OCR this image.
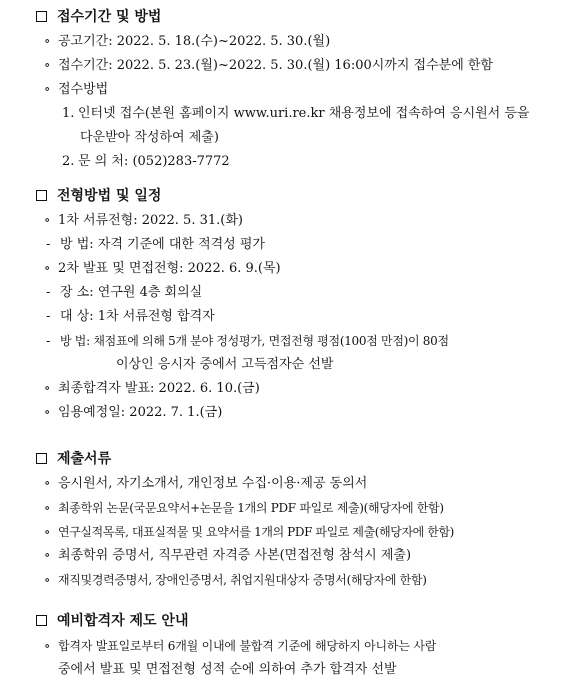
접수기간 및 방법
∘ 공고기간: 2022. 5. 18.(수)~2022. 5. 30.(월)
∘ 접수기간: 2022. 5. 23.(월)~2022. 5. 30.(월) 16:00시까지 접수분에 한함
∘ 접수방법
1. 인터넷 접수(본원 홈페이지 www.uri.re.kr 채용정보에 접속하여 응시원서 등을
다운받아 작성하여 제출)
2. 문 의 처: (052)283-7772
전형방법 및 일정
∘ 1차 서류전형: 2022. 5. 31.(화)
- 방 법: 자격 기준에 대한 적격성 평가
∘ 2차 발표 및 면접전형: 2022. 6. 9.(목)
- 장 소: 연구원 4층 회의실
- 대 상: 1차 서류전형 합격자
- 방 법: 채점표에 의해 5개 분야 정성평가, 면접전형 평점(100점 만점)이 80점
이상인 응시자 중에서 고득점자순 선발
∘ 최종합격자 발표: 2022. 6. 10.(금)
∘ 임용예정일: 2022. 7. 1.(금)
제출서류
∘ 응시원서, 자기소개서, 개인정보 수집·이용·제공 동의서
∘ 최종학위 논문(국문요약서+논문을 1개의 PDF 파일로 제출)(해당자에 한함)
∘ 연구실적목록, 대표실적물 및 요약서를 1개의 PDF 파일로 제출(해당자에 한함)
∘ 최종학위 증명서, 직무관련 자격증 사본(면접전형 참석시 제출)
∘ 재직및경력증명서, 장애인증명서, 취업지원대상자 증명서(해당자에 한함)
예비합격자 제도 안내
∘ 합격자 발표일로부터 6개월 이내에 불합격 기준에 해당하지 아니하는 사람
중에서 발표 및 면접전형 성적 순에 의하여 추가 합격자 선발
